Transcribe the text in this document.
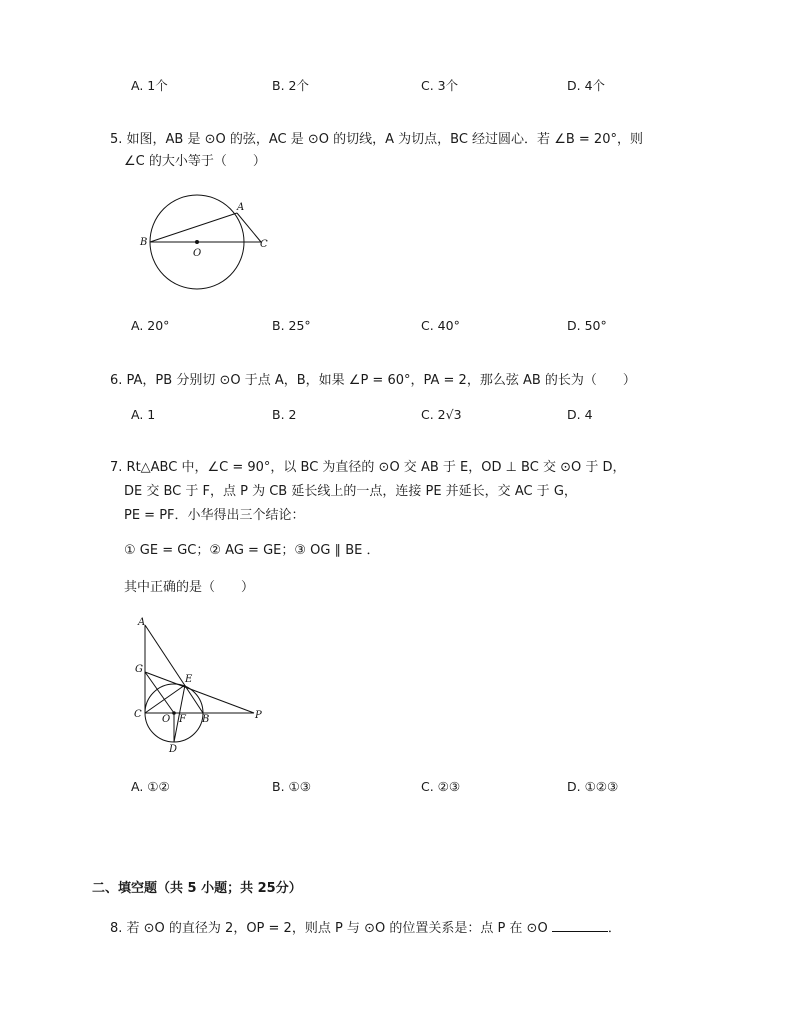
A. 1个	B. 2个	C. 3个	D. 4个
5. 如图，AB 是 ⊙O 的弦，AC 是 ⊙O 的切线，A 为切点，BC 经过圆心．若 ∠B = 20°，则
∠C 的大小等于（　　）
A
B	C
O
A. 20°	B. 25°	C. 40°	D. 50°
6. PA，PB 分别切 ⊙O 于点 A，B，如果 ∠P = 60°，PA = 2，那么弦 AB 的长为（　　）
A. 1	B. 2	C. 2√3	D. 4
7. Rt△ABC 中，∠C = 90°，以 BC 为直径的 ⊙O 交 AB 于 E，OD ⊥ BC 交 ⊙O 于 D，
DE 交 BC 于 F，点 P 为 CB 延长线上的一点，连接 PE 并延长，交 AC 于 G，
PE = PF．小华得出三个结论：
① GE = GC；② AG = GE；③ OG ∥ BE ．
其中正确的是（　　）
A
G
E
C O F B	P
D
A. ①②	B. ①③	C. ②③	D. ①②③
二、填空题（共 5 小题；共 25分）
8. 若 ⊙O 的直径为 2，OP = 2，则点 P 与 ⊙O 的位置关系是：点 P 在 ⊙O	．
